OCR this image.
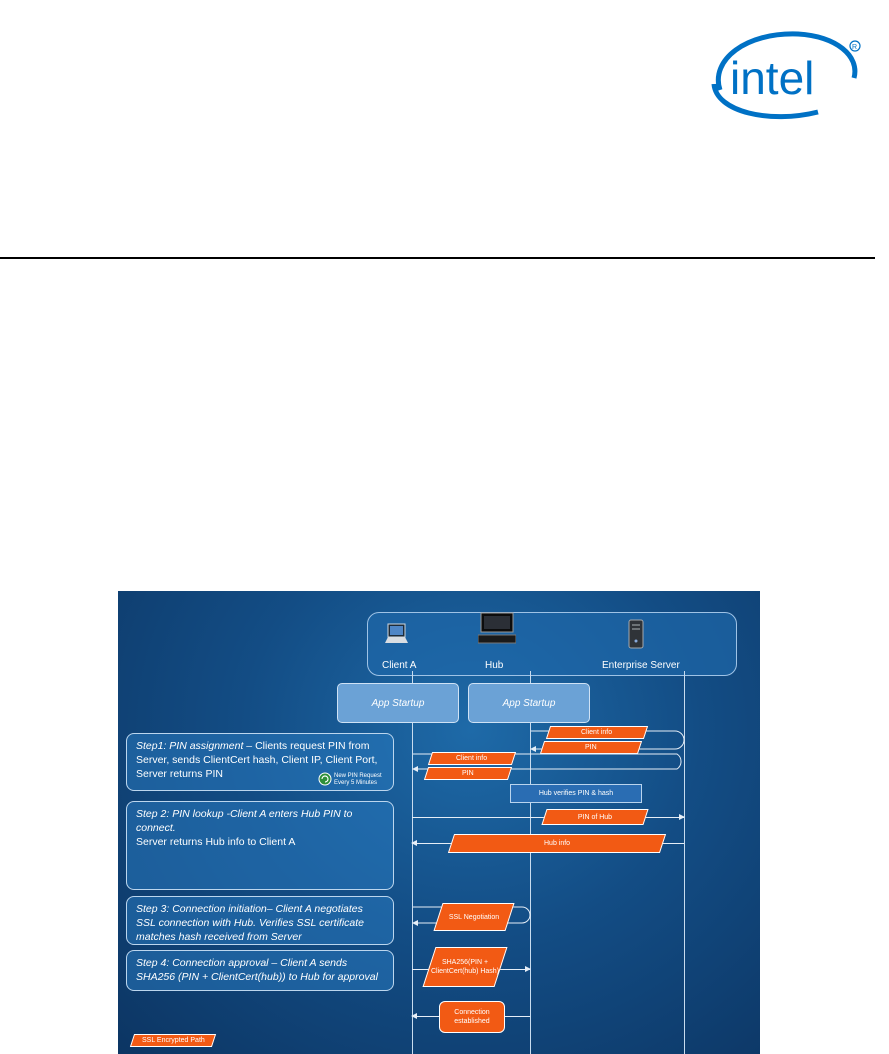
intel
R
Client A	Hub	Enterprise Server
App Startup	App Startup
Step1: PIN assignment – Clients request PIN from Server, sends ClientCert hash, Client IP, Client Port, Server returns PIN	New PIN Request Every 5 Minutes
Step 2: PIN lookup -Client A enters Hub PIN to connect.
Server returns Hub info to Client A
Step 3: Connection initiation– Client A negotiates SSL connection with Hub. Verifies SSL certificate matches hash received from Server
Step 4: Connection approval – Client A sends SHA256 (PIN + ClientCert(hub)) to Hub for approval
Client info
PIN
Client info
PIN
PIN of Hub
Hub info
SSL Negotiation
SHA256(PIN + ClientCert(hub) Hash)
Hub verifies PIN & hash
Connection established
SSL Encrypted Path
